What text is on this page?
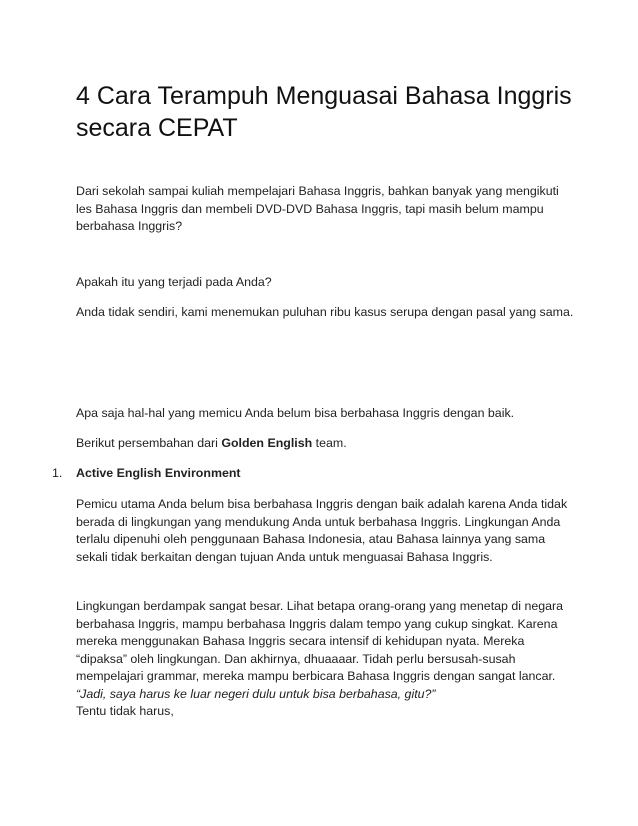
4 Cara Terampuh Menguasai Bahasa Inggris secara CEPAT

Dari sekolah sampai kuliah mempelajari Bahasa Inggris, bahkan banyak yang mengikuti les Bahasa Inggris dan membeli DVD-DVD Bahasa Inggris, tapi masih belum mampu berbahasa Inggris?

Apakah itu yang terjadi pada Anda?

Anda tidak sendiri, kami menemukan puluhan ribu kasus serupa dengan pasal yang sama.

Apa saja hal-hal yang memicu Anda belum bisa berbahasa Inggris dengan baik.

Berikut persembahan dari Golden English team.

1. Active English Environment

Pemicu utama Anda belum bisa berbahasa Inggris dengan baik adalah karena Anda tidak berada di lingkungan yang mendukung Anda untuk berbahasa Inggris. Lingkungan Anda terlalu dipenuhi oleh penggunaan Bahasa Indonesia, atau Bahasa lainnya yang sama sekali tidak berkaitan dengan tujuan Anda untuk menguasai Bahasa Inggris.

Lingkungan berdampak sangat besar. Lihat betapa orang-orang yang menetap di negara berbahasa Inggris, mampu berbahasa Inggris dalam tempo yang cukup singkat. Karena mereka menggunakan Bahasa Inggris secara intensif di kehidupan nyata. Mereka “dipaksa” oleh lingkungan. Dan akhirnya, dhuaaaar. Tidah perlu bersusah-susah mempelajari grammar, mereka mampu berbicara Bahasa Inggris dengan sangat lancar. “Jadi, saya harus ke luar negeri dulu untuk bisa berbahasa, gitu?”

Tentu tidak harus,
